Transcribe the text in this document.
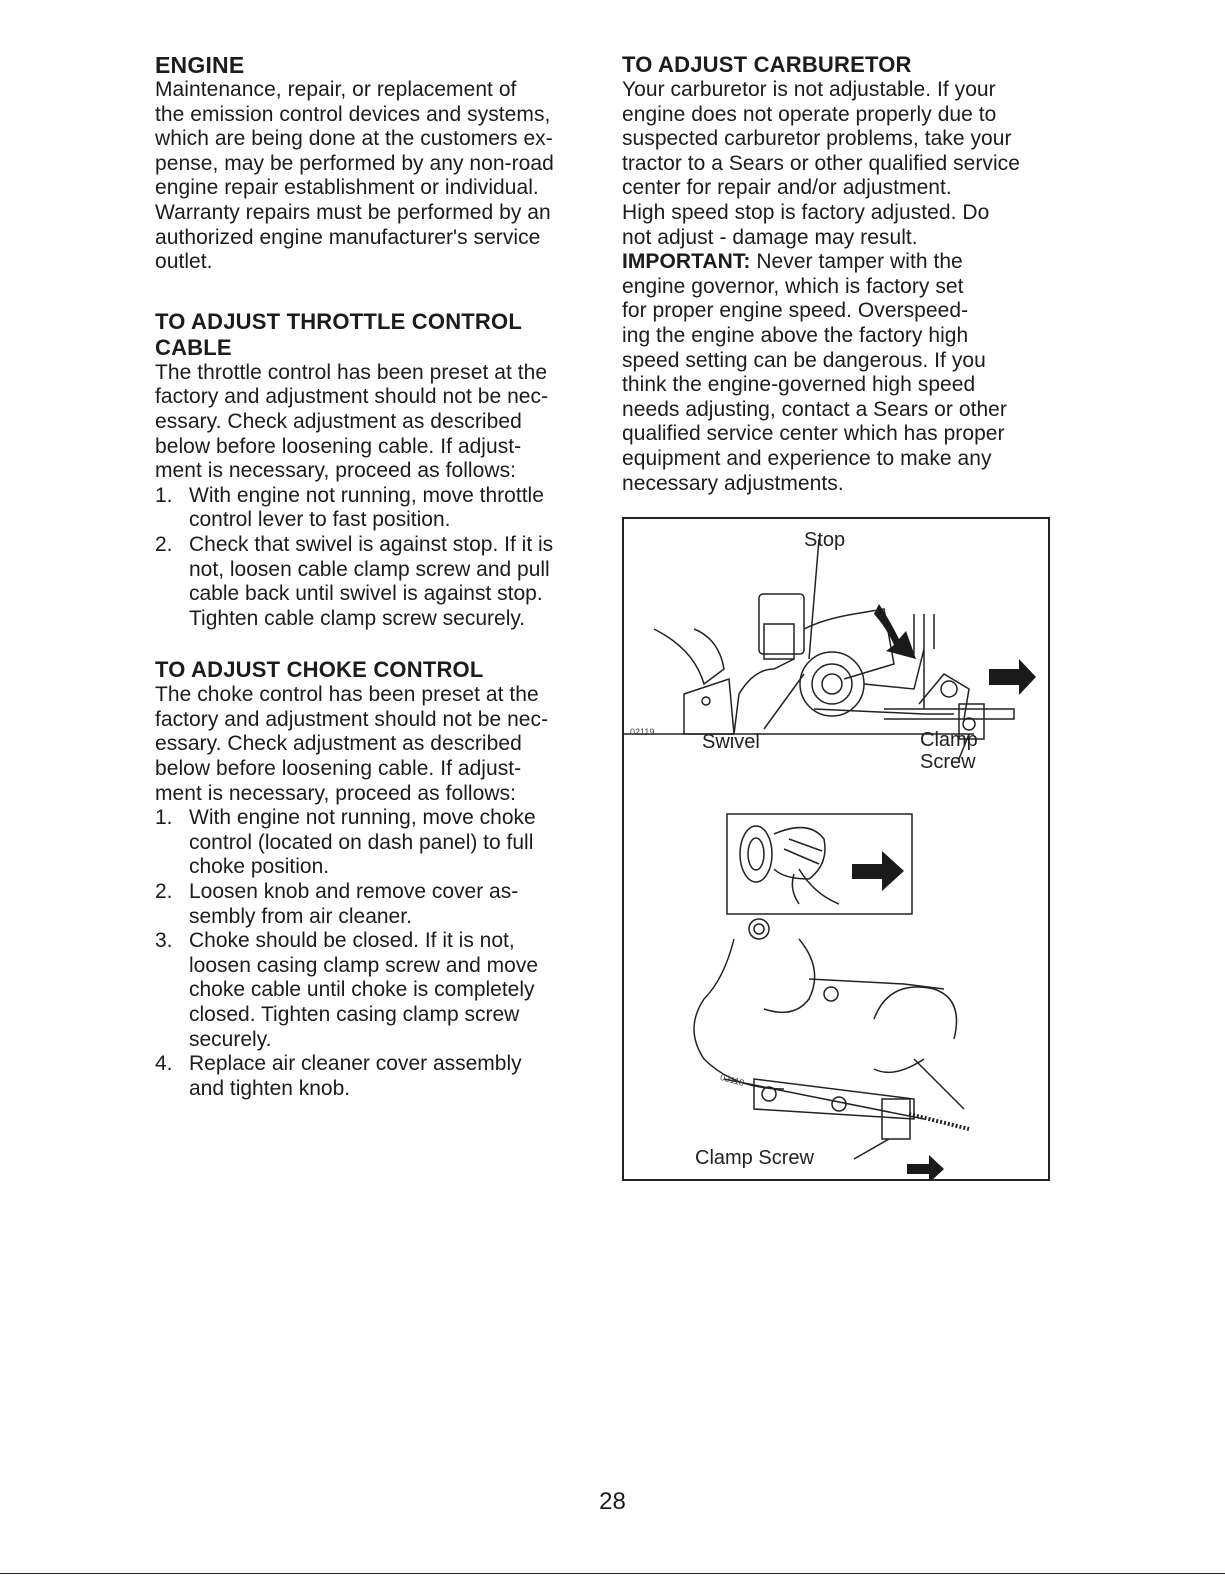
ENGINE

Maintenance, repair, or replacement of

the emission control devices and systems,

which are being done at the customers ex-

pense, may be performed by any non-road

engine repair establishment or individual.

Warranty repairs must be performed by an

authorized engine manufacturer's service

outlet.

TO ADJUST THROTTLE CONTROL
CABLE

The throttle control has been preset at the

factory and adjustment should not be nec-

essary. Check adjustment as described

below before loosening cable. If adjust-

ment is necessary, proceed as follows:

1. With engine not running, move throttle
control lever to fast position.
2. Check that swivel is against stop. If it is
not, loosen cable clamp screw and pull
cable back until swivel is against stop.
Tighten cable clamp screw securely.
TO ADJUST CHOKE CONTROL

The choke control has been preset at the

factory and adjustment should not be nec-

essary. Check adjustment as described

below before loosening cable. If adjust-

ment is necessary, proceed as follows:

1. With engine not running, move choke
control (located on dash panel) to full
choke position.
2. Loosen knob and remove cover as-
sembly from air cleaner.
3. Choke should be closed. If it is not,
loosen casing clamp screw and move
choke cable until choke is completely
closed. Tighten casing clamp screw
securely.
4. Replace air cleaner cover assembly
and tighten knob.
TO ADJUST CARBURETOR

Your carburetor is not adjustable. If your

engine does not operate properly due to

suspected carburetor problems, take your

tractor to a Sears or other qualified service

center for repair and/or adjustment.

High speed stop is factory adjusted. Do

not adjust - damage may result.

IMPORTANT: Never tamper with the

engine governor, which is factory set

for proper engine speed. Overspeed-

ing the engine above the factory high

speed setting can be dangerous. If you

think the engine-governed high speed

needs adjusting, contact a Sears or other

qualified service center which has proper

equipment and experience to make any

necessary adjustments.

Stop
Swivel	Clamp
Screw
Clamp Screw
02119
02118
28
